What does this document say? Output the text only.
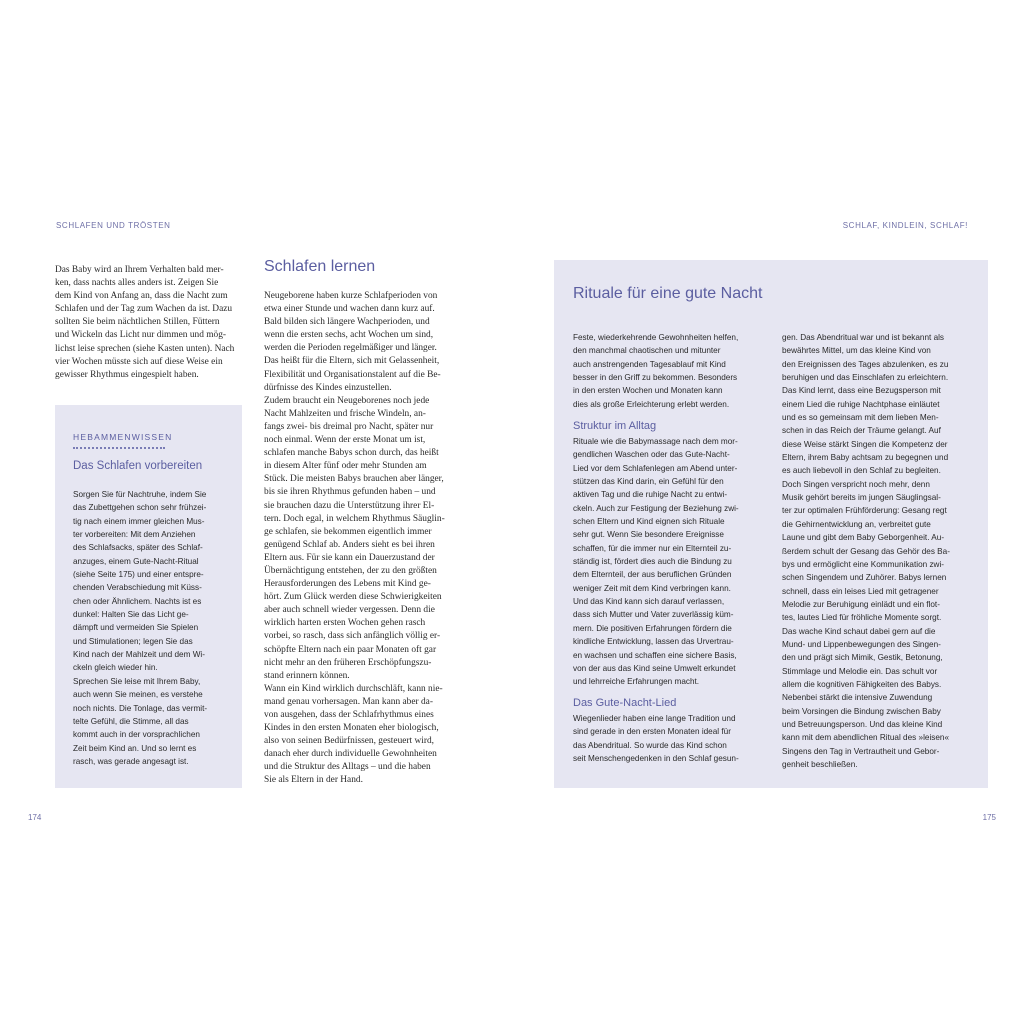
SCHLAFEN UND TRÖSTEN	SCHLAF, KINDLEIN, SCHLAF!
Das Baby wird an Ihrem Verhalten bald mer-
ken, dass nachts alles anders ist. Zeigen Sie
dem Kind von Anfang an, dass die Nacht zum
Schlafen und der Tag zum Wachen da ist. Dazu
sollten Sie beim nächtlichen Stillen, Füttern
und Wickeln das Licht nur dimmen und mög-
lichst leise sprechen (siehe Kasten unten). Nach
vier Wochen müsste sich auf diese Weise ein
gewisser Rhythmus eingespielt haben.
HEBAMMENWISSEN
Das Schlafen vorbereiten
Sorgen Sie für Nachtruhe, indem Sie
das Zubettgehen schon sehr frühzei-
tig nach einem immer gleichen Mus-
ter vorbereiten: Mit dem Anziehen
des Schlafsacks, später des Schlaf-
anzuges, einem Gute-Nacht-Ritual
(siehe Seite 175) und einer entspre-
chenden Verabschiedung mit Küss-
chen oder Ähnlichem. Nachts ist es
dunkel: Halten Sie das Licht ge-
dämpft und vermeiden Sie Spielen
und Stimulationen; legen Sie das
Kind nach der Mahlzeit und dem Wi-
ckeln gleich wieder hin.
Sprechen Sie leise mit Ihrem Baby,
auch wenn Sie meinen, es verstehe
noch nichts. Die Tonlage, das vermit-
telte Gefühl, die Stimme, all das
kommt auch in der vorsprachlichen
Zeit beim Kind an. Und so lernt es
rasch, was gerade angesagt ist.
Schlafen lernen
Neugeborene haben kurze Schlafperioden von
etwa einer Stunde und wachen dann kurz auf.
Bald bilden sich längere Wachperioden, und
wenn die ersten sechs, acht Wochen um sind,
werden die Perioden regelmäßiger und länger.
Das heißt für die Eltern, sich mit Gelassenheit,
Flexibilität und Organisationstalent auf die Be-
dürfnisse des Kindes einzustellen.
Zudem braucht ein Neugeborenes noch jede
Nacht Mahlzeiten und frische Windeln, an-
fangs zwei- bis dreimal pro Nacht, später nur
noch einmal. Wenn der erste Monat um ist,
schlafen manche Babys schon durch, das heißt
in diesem Alter fünf oder mehr Stunden am
Stück. Die meisten Babys brauchen aber länger,
bis sie ihren Rhythmus gefunden haben – und
sie brauchen dazu die Unterstützung ihrer El-
tern. Doch egal, in welchem Rhythmus Säuglin-
ge schlafen, sie bekommen eigentlich immer
genügend Schlaf ab. Anders sieht es bei ihren
Eltern aus. Für sie kann ein Dauerzustand der
Übernächtigung entstehen, der zu den größten
Herausforderungen des Lebens mit Kind ge-
hört. Zum Glück werden diese Schwierigkeiten
aber auch schnell wieder vergessen. Denn die
wirklich harten ersten Wochen gehen rasch
vorbei, so rasch, dass sich anfänglich völlig er-
schöpfte Eltern nach ein paar Monaten oft gar
nicht mehr an den früheren Erschöpfungszu-
stand erinnern können.
Wann ein Kind wirklich durchschläft, kann nie-
mand genau vorhersagen. Man kann aber da-
von ausgehen, dass der Schlafrhythmus eines
Kindes in den ersten Monaten eher biologisch,
also von seinen Bedürfnissen, gesteuert wird,
danach eher durch individuelle Gewohnheiten
und die Struktur des Alltags – und die haben
Sie als Eltern in der Hand.
Rituale für eine gute Nacht
Feste, wiederkehrende Gewohnheiten helfen,
den manchmal chaotischen und mitunter
auch anstrengenden Tagesablauf mit Kind
besser in den Griff zu bekommen. Besonders
in den ersten Wochen und Monaten kann
dies als große Erleichterung erlebt werden.
Struktur im Alltag
Rituale wie die Babymassage nach dem mor-
gendlichen Waschen oder das Gute-Nacht-
Lied vor dem Schlafenlegen am Abend unter-
stützen das Kind darin, ein Gefühl für den
aktiven Tag und die ruhige Nacht zu entwi-
ckeln. Auch zur Festigung der Beziehung zwi-
schen Eltern und Kind eignen sich Rituale
sehr gut. Wenn Sie besondere Ereignisse
schaffen, für die immer nur ein Elternteil zu-
ständig ist, fördert dies auch die Bindung zu
dem Elternteil, der aus beruflichen Gründen
weniger Zeit mit dem Kind verbringen kann.
Und das Kind kann sich darauf verlassen,
dass sich Mutter und Vater zuverlässig küm-
mern. Die positiven Erfahrungen fördern die
kindliche Entwicklung, lassen das Urvertrau-
en wachsen und schaffen eine sichere Basis,
von der aus das Kind seine Umwelt erkundet
und lehrreiche Erfahrungen macht.
Das Gute-Nacht-Lied
Wiegenlieder haben eine lange Tradition und
sind gerade in den ersten Monaten ideal für
das Abendritual. So wurde das Kind schon
seit Menschengedenken in den Schlaf gesun-
gen. Das Abendritual war und ist bekannt als
bewährtes Mittel, um das kleine Kind von
den Ereignissen des Tages abzulenken, es zu
beruhigen und das Einschlafen zu erleichtern.
Das Kind lernt, dass eine Bezugsperson mit
einem Lied die ruhige Nachtphase einläutet
und es so gemeinsam mit dem lieben Men-
schen in das Reich der Träume gelangt. Auf
diese Weise stärkt Singen die Kompetenz der
Eltern, ihrem Baby achtsam zu begegnen und
es auch liebevoll in den Schlaf zu begleiten.
Doch Singen verspricht noch mehr, denn
Musik gehört bereits im jungen Säuglingsal-
ter zur optimalen Frühförderung: Gesang regt
die Gehirnentwicklung an, verbreitet gute
Laune und gibt dem Baby Geborgenheit. Au-
ßerdem schult der Gesang das Gehör des Ba-
bys und ermöglicht eine Kommunikation zwi-
schen Singendem und Zuhörer. Babys lernen
schnell, dass ein leises Lied mit getragener
Melodie zur Beruhigung einlädt und ein flot-
tes, lautes Lied für fröhliche Momente sorgt.
Das wache Kind schaut dabei gern auf die
Mund- und Lippenbewegungen des Singen-
den und prägt sich Mimik, Gestik, Betonung,
Stimmlage und Melodie ein. Das schult vor
allem die kognitiven Fähigkeiten des Babys.
Nebenbei stärkt die intensive Zuwendung
beim Vorsingen die Bindung zwischen Baby
und Betreuungsperson. Und das kleine Kind
kann mit dem abendlichen Ritual des »leisen«
Singens den Tag in Vertrautheit und Gebor-
genheit beschließen.
174	175
